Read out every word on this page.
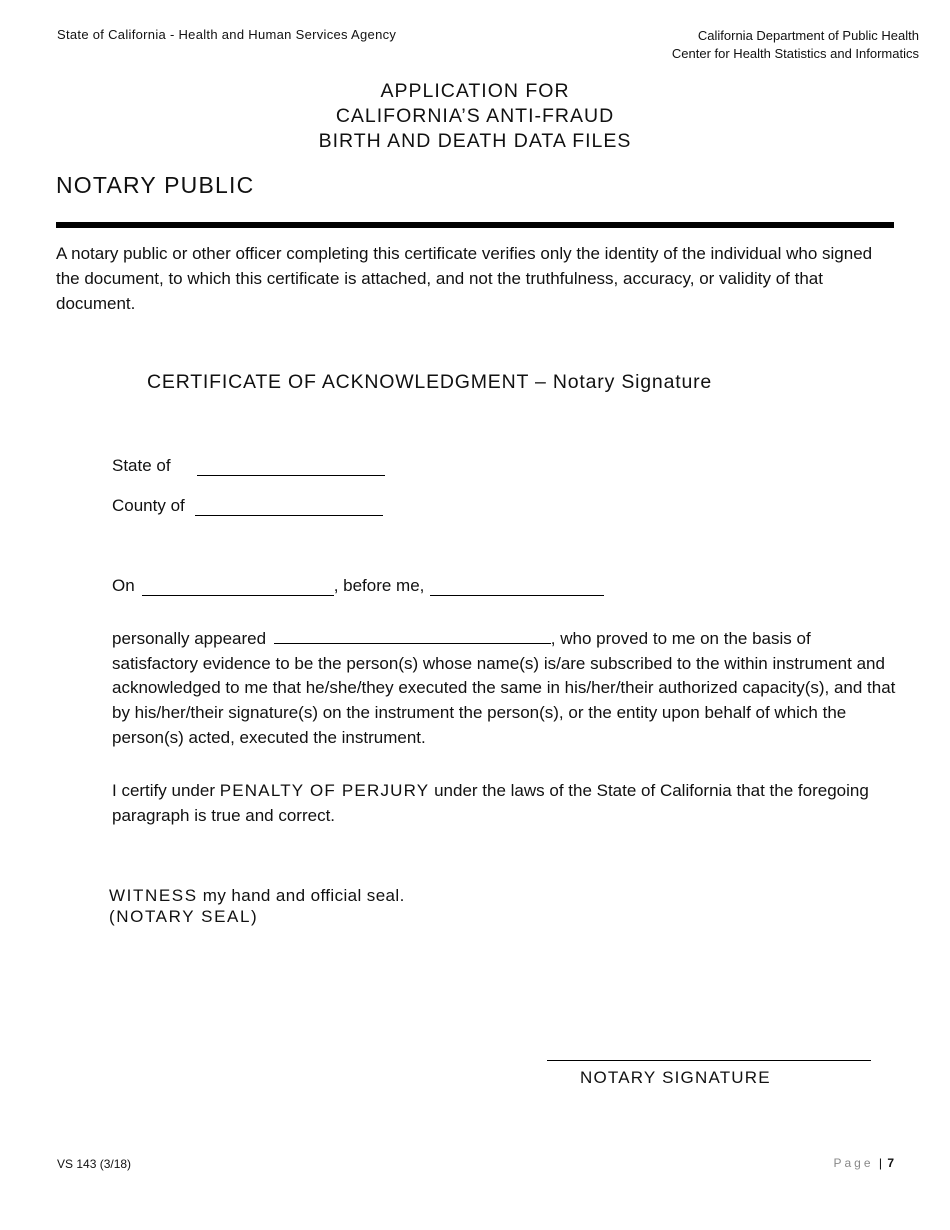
State of California - Health and Human Services Agency	California Department of Public Health
Center for Health Statistics and Informatics
APPLICATION FOR
CALIFORNIA’S ANTI-FRAUD
BIRTH AND DEATH DATA FILES
NOTARY PUBLIC
A notary public or other officer completing this certificate verifies only the identity of the individual who signed the document, to which this certificate is attached, and not the truthfulness, accuracy, or validity of that document.
CERTIFICATE OF ACKNOWLEDGMENT – Notary Signature
State of
County of
On	, before me,
personally appeared	, who proved to me on the basis of satisfactory evidence to be the person(s) whose name(s) is/are subscribed to the within instrument and acknowledged to me that he/she/they executed the same in his/her/their authorized capacity(s), and that by his/her/their signature(s) on the instrument the person(s), or the entity upon behalf of which the person(s) acted, executed the instrument.
I certify under PENALTY OF PERJURY under the laws of the State of California that the foregoing paragraph is true and correct.
WITNESS my hand and official seal.
(NOTARY SEAL)
NOTARY SIGNATURE
VS 143 (3/18)	Page | 7
